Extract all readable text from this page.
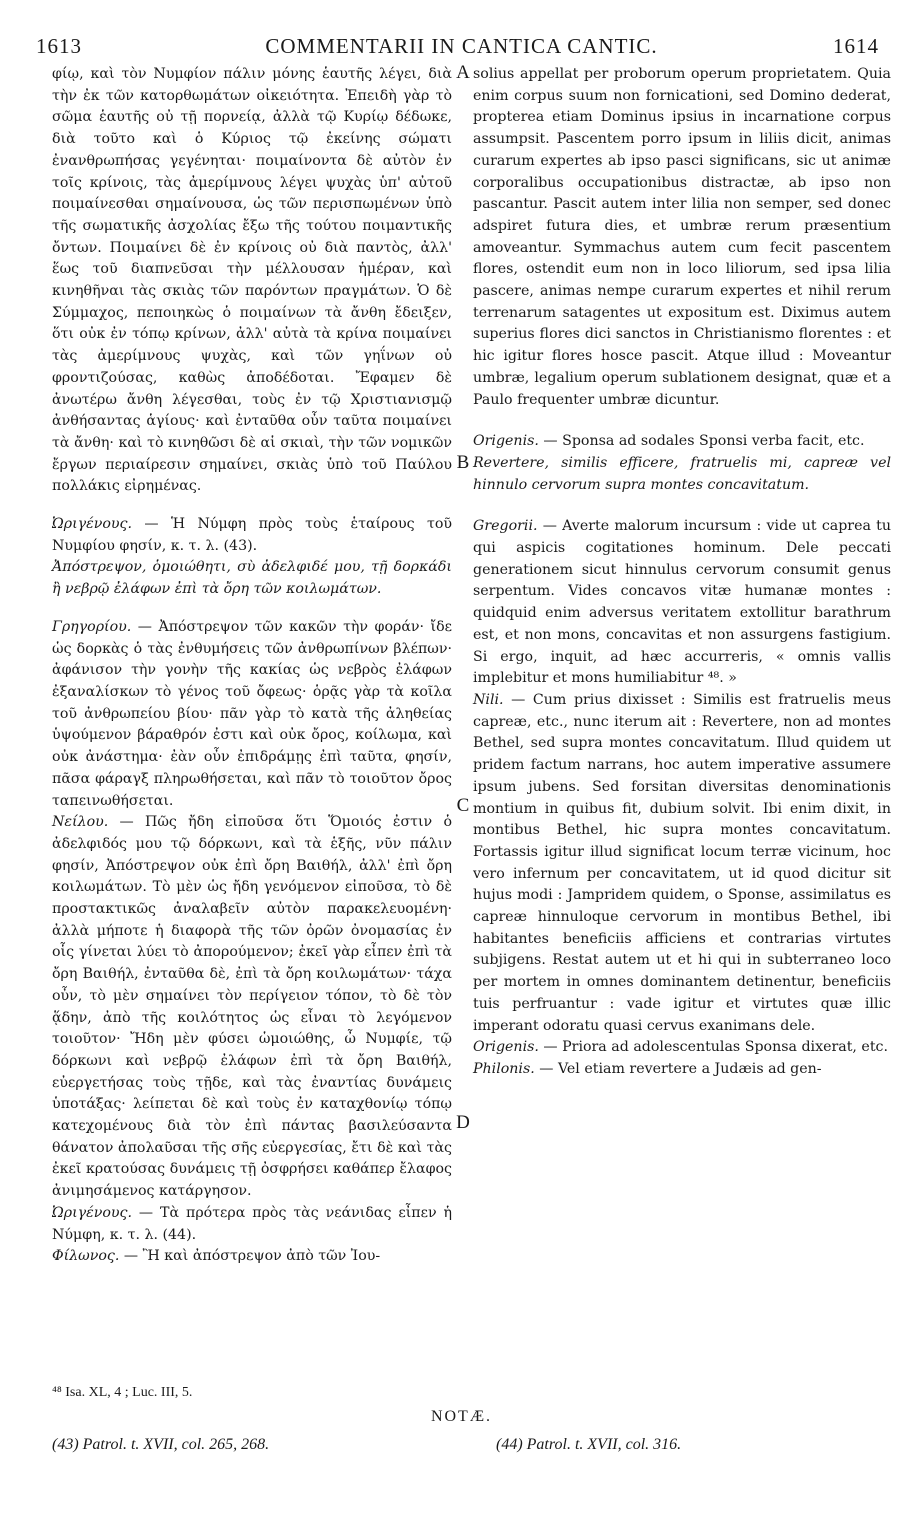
1613	COMMENTARII IN CANTICA CANTIC.	1614

φίῳ, καὶ τὸν Νυμφίον πάλιν μόνης ἑαυτῆς λέγει, διὰ τὴν ἐκ τῶν κατορθωμάτων οἰκειότητα. Ἐπειδὴ γὰρ τὸ σῶμα ἑαυτῆς οὐ τῇ πορνείᾳ, ἀλλὰ τῷ Κυρίῳ δέδωκε, διὰ τοῦτο καὶ ὁ Κύριος τῷ ἐκείνης σώματι ἐνανθρωπήσας γεγένηται· ποιμαίνοντα δὲ αὐτὸν ἐν τοῖς κρίνοις, τὰς ἀμερίμνους λέγει ψυχὰς ὑπ' αὐτοῦ ποιμαίνεσθαι σημαίνουσα, ὡς τῶν περισπωμένων ὑπὸ τῆς σωματικῆς ἀσχολίας ἔξω τῆς τούτου ποιμαντικῆς ὄντων. Ποιμαίνει δὲ ἐν κρίνοις οὐ διὰ παντὸς, ἀλλ' ἕως τοῦ διαπνεῦσαι τὴν μέλλουσαν ἡμέραν, καὶ κινηθῆναι τὰς σκιὰς τῶν παρόντων πραγμάτων. Ὁ δὲ Σύμμαχος, πεποιηκὼς ὁ ποιμαίνων τὰ ἄνθη ἔδειξεν, ὅτι οὐκ ἐν τόπῳ κρίνων, ἀλλ' αὐτὰ τὰ κρίνα ποιμαίνει τὰς ἀμερίμνους ψυχὰς, καὶ τῶν γηΐνων οὐ φροντιζούσας, καθὼς ἀποδέδοται. Ἔφαμεν δὲ ἀνωτέρω ἄνθη λέγεσθαι, τοὺς ἐν τῷ Χριστιανισμῷ ἀνθήσαντας ἁγίους· καὶ ἐνταῦθα οὖν ταῦτα ποιμαίνει τὰ ἄνθη· καὶ τὸ κινηθῶσι δὲ αἱ σκιαὶ, τὴν τῶν νομικῶν ἔργων περιαίρεσιν σημαίνει, σκιὰς ὑπὸ τοῦ Παύλου πολλάκις εἰρημένας.

Ὠριγένους. — Ἡ Νύμφη πρὸς τοὺς ἑταίρους τοῦ Νυμφίου φησίν, κ. τ. λ. (43).

Ἀπόστρεψον, ὁμοιώθητι, σὺ ἀδελφιδέ μου, τῇ δορκάδι ἢ νεβρῷ ἐλάφων ἐπὶ τὰ ὄρη τῶν κοιλωμάτων.

Γρηγορίου. — Ἀπόστρεψον τῶν κακῶν τὴν φοράν· ἴδε ὡς δορκὰς ὁ τὰς ἐνθυμήσεις τῶν ἀνθρωπίνων βλέπων· ἀφάνισον τὴν γονὴν τῆς κακίας ὡς νεβρὸς ἐλάφων ἐξαναλίσκων τὸ γένος τοῦ ὄφεως· ὁρᾷς γὰρ τὰ κοῖλα τοῦ ἀνθρωπείου βίου· πᾶν γὰρ τὸ κατὰ τῆς ἀληθείας ὑψούμενον βάραθρόν ἐστι καὶ οὐκ ὄρος, κοίλωμα, καὶ οὐκ ἀνάστημα· ἐὰν οὖν ἐπιδράμῃς ἐπὶ ταῦτα, φησίν, πᾶσα φάραγξ πληρωθήσεται, καὶ πᾶν τὸ τοιοῦτον ὄρος ταπεινωθήσεται.

Νείλου. — Πῶς ἤδη εἰποῦσα ὅτι Ὅμοιός ἐστιν ὁ ἀδελφιδός μου τῷ δόρκωνι, καὶ τὰ ἑξῆς, νῦν πάλιν φησίν, Ἀπόστρεψον οὐκ ἐπὶ ὄρη Βαιθήλ, ἀλλ' ἐπὶ ὄρη κοιλωμάτων. Τὸ μὲν ὡς ἤδη γενόμενον εἰποῦσα, τὸ δὲ προστακτικῶς ἀναλαβεῖν αὐτὸν παρακελευομένη· ἀλλὰ μήποτε ἡ διαφορὰ τῆς τῶν ὀρῶν ὀνομασίας ἐν οἷς γίνεται λύει τὸ ἀπορούμενον; ἐκεῖ γὰρ εἶπεν ἐπὶ τὰ ὄρη Βαιθήλ, ἐνταῦθα δὲ, ἐπὶ τὰ ὄρη κοιλωμάτων· τάχα οὖν, τὸ μὲν σημαίνει τὸν περίγειον τόπον, τὸ δὲ τὸν ᾅδην, ἀπὸ τῆς κοιλότητος ὡς εἶναι τὸ λεγόμενον τοιοῦτον· Ἤδη μὲν φύσει ὡμοιώθης, ὦ Νυμφίε, τῷ δόρκωνι καὶ νεβρῷ ἐλάφων ἐπὶ τὰ ὄρη Βαιθήλ, εὐεργετήσας τοὺς τῇδε, καὶ τὰς ἐναντίας δυνάμεις ὑποτάξας· λείπεται δὲ καὶ τοὺς ἐν καταχθονίῳ τόπῳ κατεχομένους διὰ τὸν ἐπὶ πάντας βασιλεύσαντα θάνατον ἀπολαῦσαι τῆς σῆς εὐεργεσίας, ἔτι δὲ καὶ τὰς ἐκεῖ κρατούσας δυνάμεις τῇ ὀσφρήσει καθάπερ ἔλαφος ἀνιμησάμενος κατάργησον.

Ὠριγένους. — Τὰ πρότερα πρὸς τὰς νεάνιδας εἶπεν ἡ Νύμφη, κ. τ. λ. (44).

Φίλωνος. — Ἢ καὶ ἀπόστρεψον ἀπὸ τῶν Ἰου-

A
B
C
D

solius appellat per proborum operum proprietatem. Quia enim corpus suum non fornicationi, sed Domino dederat, propterea etiam Dominus ipsius in incarnatione corpus assumpsit. Pascentem porro ipsum in liliis dicit, animas curarum expertes ab ipso pasci significans, sic ut animæ corporalibus occupationibus distractæ, ab ipso non pascantur. Pascit autem inter lilia non semper, sed donec adspiret futura dies, et umbræ rerum præsentium amoveantur. Symmachus autem cum fecit pascentem flores, ostendit eum non in loco liliorum, sed ipsa lilia pascere, animas nempe curarum expertes et nihil rerum terrenarum satagentes ut expositum est. Diximus autem superius flores dici sanctos in Christianismo florentes : et hic igitur flores hosce pascit. Atque illud : Moveantur umbræ, legalium operum sublationem designat, quæ et a Paulo frequenter umbræ dicuntur.

Origenis. — Sponsa ad sodales Sponsi verba facit, etc.

Revertere, similis efficere, fratruelis mi, capreæ vel hinnulo cervorum supra montes concavitatum.

Gregorii. — Averte malorum incursum : vide ut caprea tu qui aspicis cogitationes hominum. Dele peccati generationem sicut hinnulus cervorum consumit genus serpentum. Vides concavos vitæ humanæ montes : quidquid enim adversus veritatem extollitur barathrum est, et non mons, concavitas et non assurgens fastigium. Si ergo, inquit, ad hæc accurreris, « omnis vallis implebitur et mons humiliabitur ⁴⁸. »

Nili. — Cum prius dixisset : Similis est fratruelis meus capreæ, etc., nunc iterum ait : Revertere, non ad montes Bethel, sed supra montes concavitatum. Illud quidem ut pridem factum narrans, hoc autem imperative assumere ipsum jubens. Sed forsitan diversitas denominationis montium in quibus fit, dubium solvit. Ibi enim dixit, in montibus Bethel, hic supra montes concavitatum. Fortassis igitur illud significat locum terræ vicinum, hoc vero infernum per concavitatem, ut id quod dicitur sit hujus modi : Jampridem quidem, o Sponse, assimilatus es capreæ hinnuloque cervorum in montibus Bethel, ibi habitantes beneficiis afficiens et contrarias virtutes subjigens. Restat autem ut et hi qui in subterraneo loco per mortem in omnes dominantem detinentur, beneficiis tuis perfruantur : vade igitur et virtutes quæ illic imperant odoratu quasi cervus exanimans dele.

Origenis. — Priora ad adolescentulas Sponsa dixerat, etc.

Philonis. — Vel etiam revertere a Judæis ad gen-

⁴⁸ Isa. XL, 4 ; Luc. III, 5.
NOTÆ.
(43) Patrol. t. XVII, col. 265, 268.	(44) Patrol. t. XVII, col. 316.
